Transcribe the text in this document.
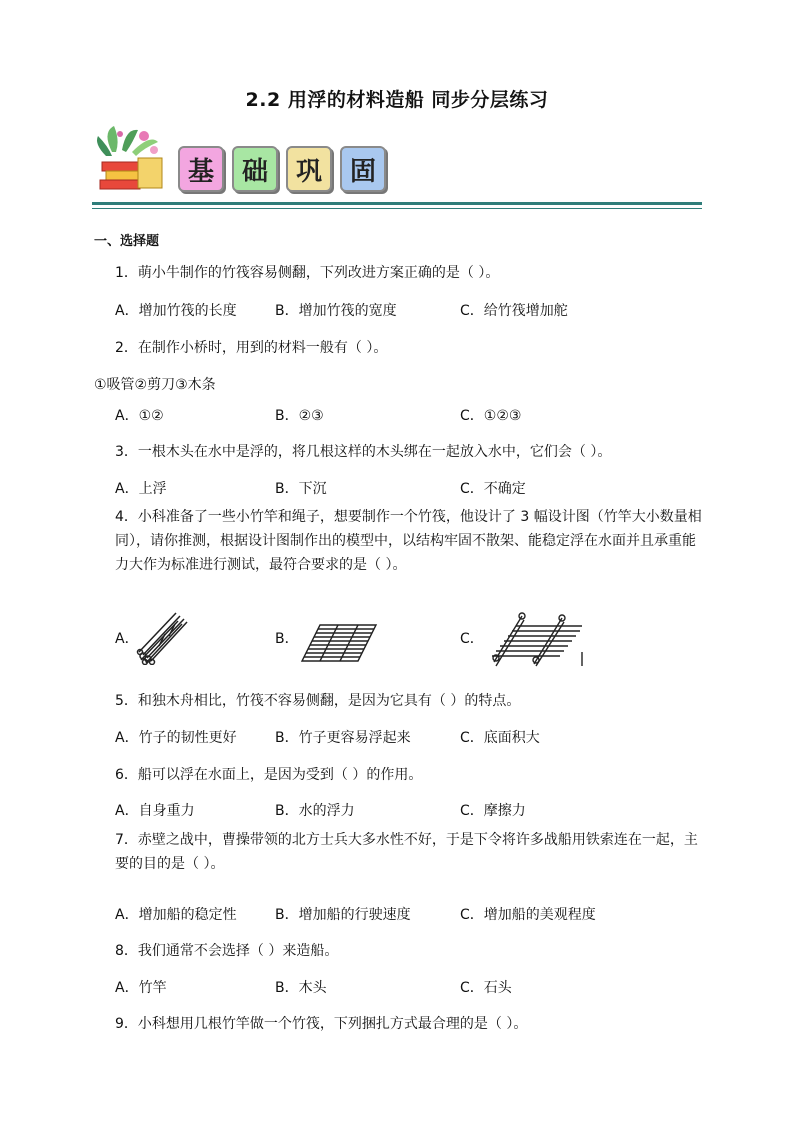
2.2 用浮的材料造船 同步分层练习
基	础	巩	固
一、选择题
1．萌小牛制作的竹筏容易侧翻，下列改进方案正确的是（ ）。
A．增加竹筏的长度	B．增加竹筏的宽度	C．给竹筏增加舵
2．在制作小桥时，用到的材料一般有（ ）。
①吸管②剪刀③木条
A．①②	B．②③	C．①②③
3．一根木头在水中是浮的，将几根这样的木头绑在一起放入水中，它们会（ ）。
A．上浮	B．下沉	C．不确定
4．小科准备了一些小竹竿和绳子，想要制作一个竹筏，他设计了 3 幅设计图（竹竿大小数量相同），请你推测，根据设计图制作出的模型中，以结构牢固不散架、能稳定浮在水面并且承重能力大作为标准进行测试，最符合要求的是（ ）。
A．	B．	C．
5．和独木舟相比，竹筏不容易侧翻，是因为它具有（ ）的特点。
A．竹子的韧性更好	B．竹子更容易浮起来	C．底面积大
6．船可以浮在水面上，是因为受到（ ）的作用。
A．自身重力	B．水的浮力	C．摩擦力
7．赤壁之战中，曹操带领的北方士兵大多水性不好，于是下令将许多战船用铁索连在一起，主要的目的是（ ）。
A．增加船的稳定性	B．增加船的行驶速度	C．增加船的美观程度
8．我们通常不会选择（ ）来造船。
A．竹竿	B．木头	C．石头
9．小科想用几根竹竿做一个竹筏，下列捆扎方式最合理的是（ ）。
